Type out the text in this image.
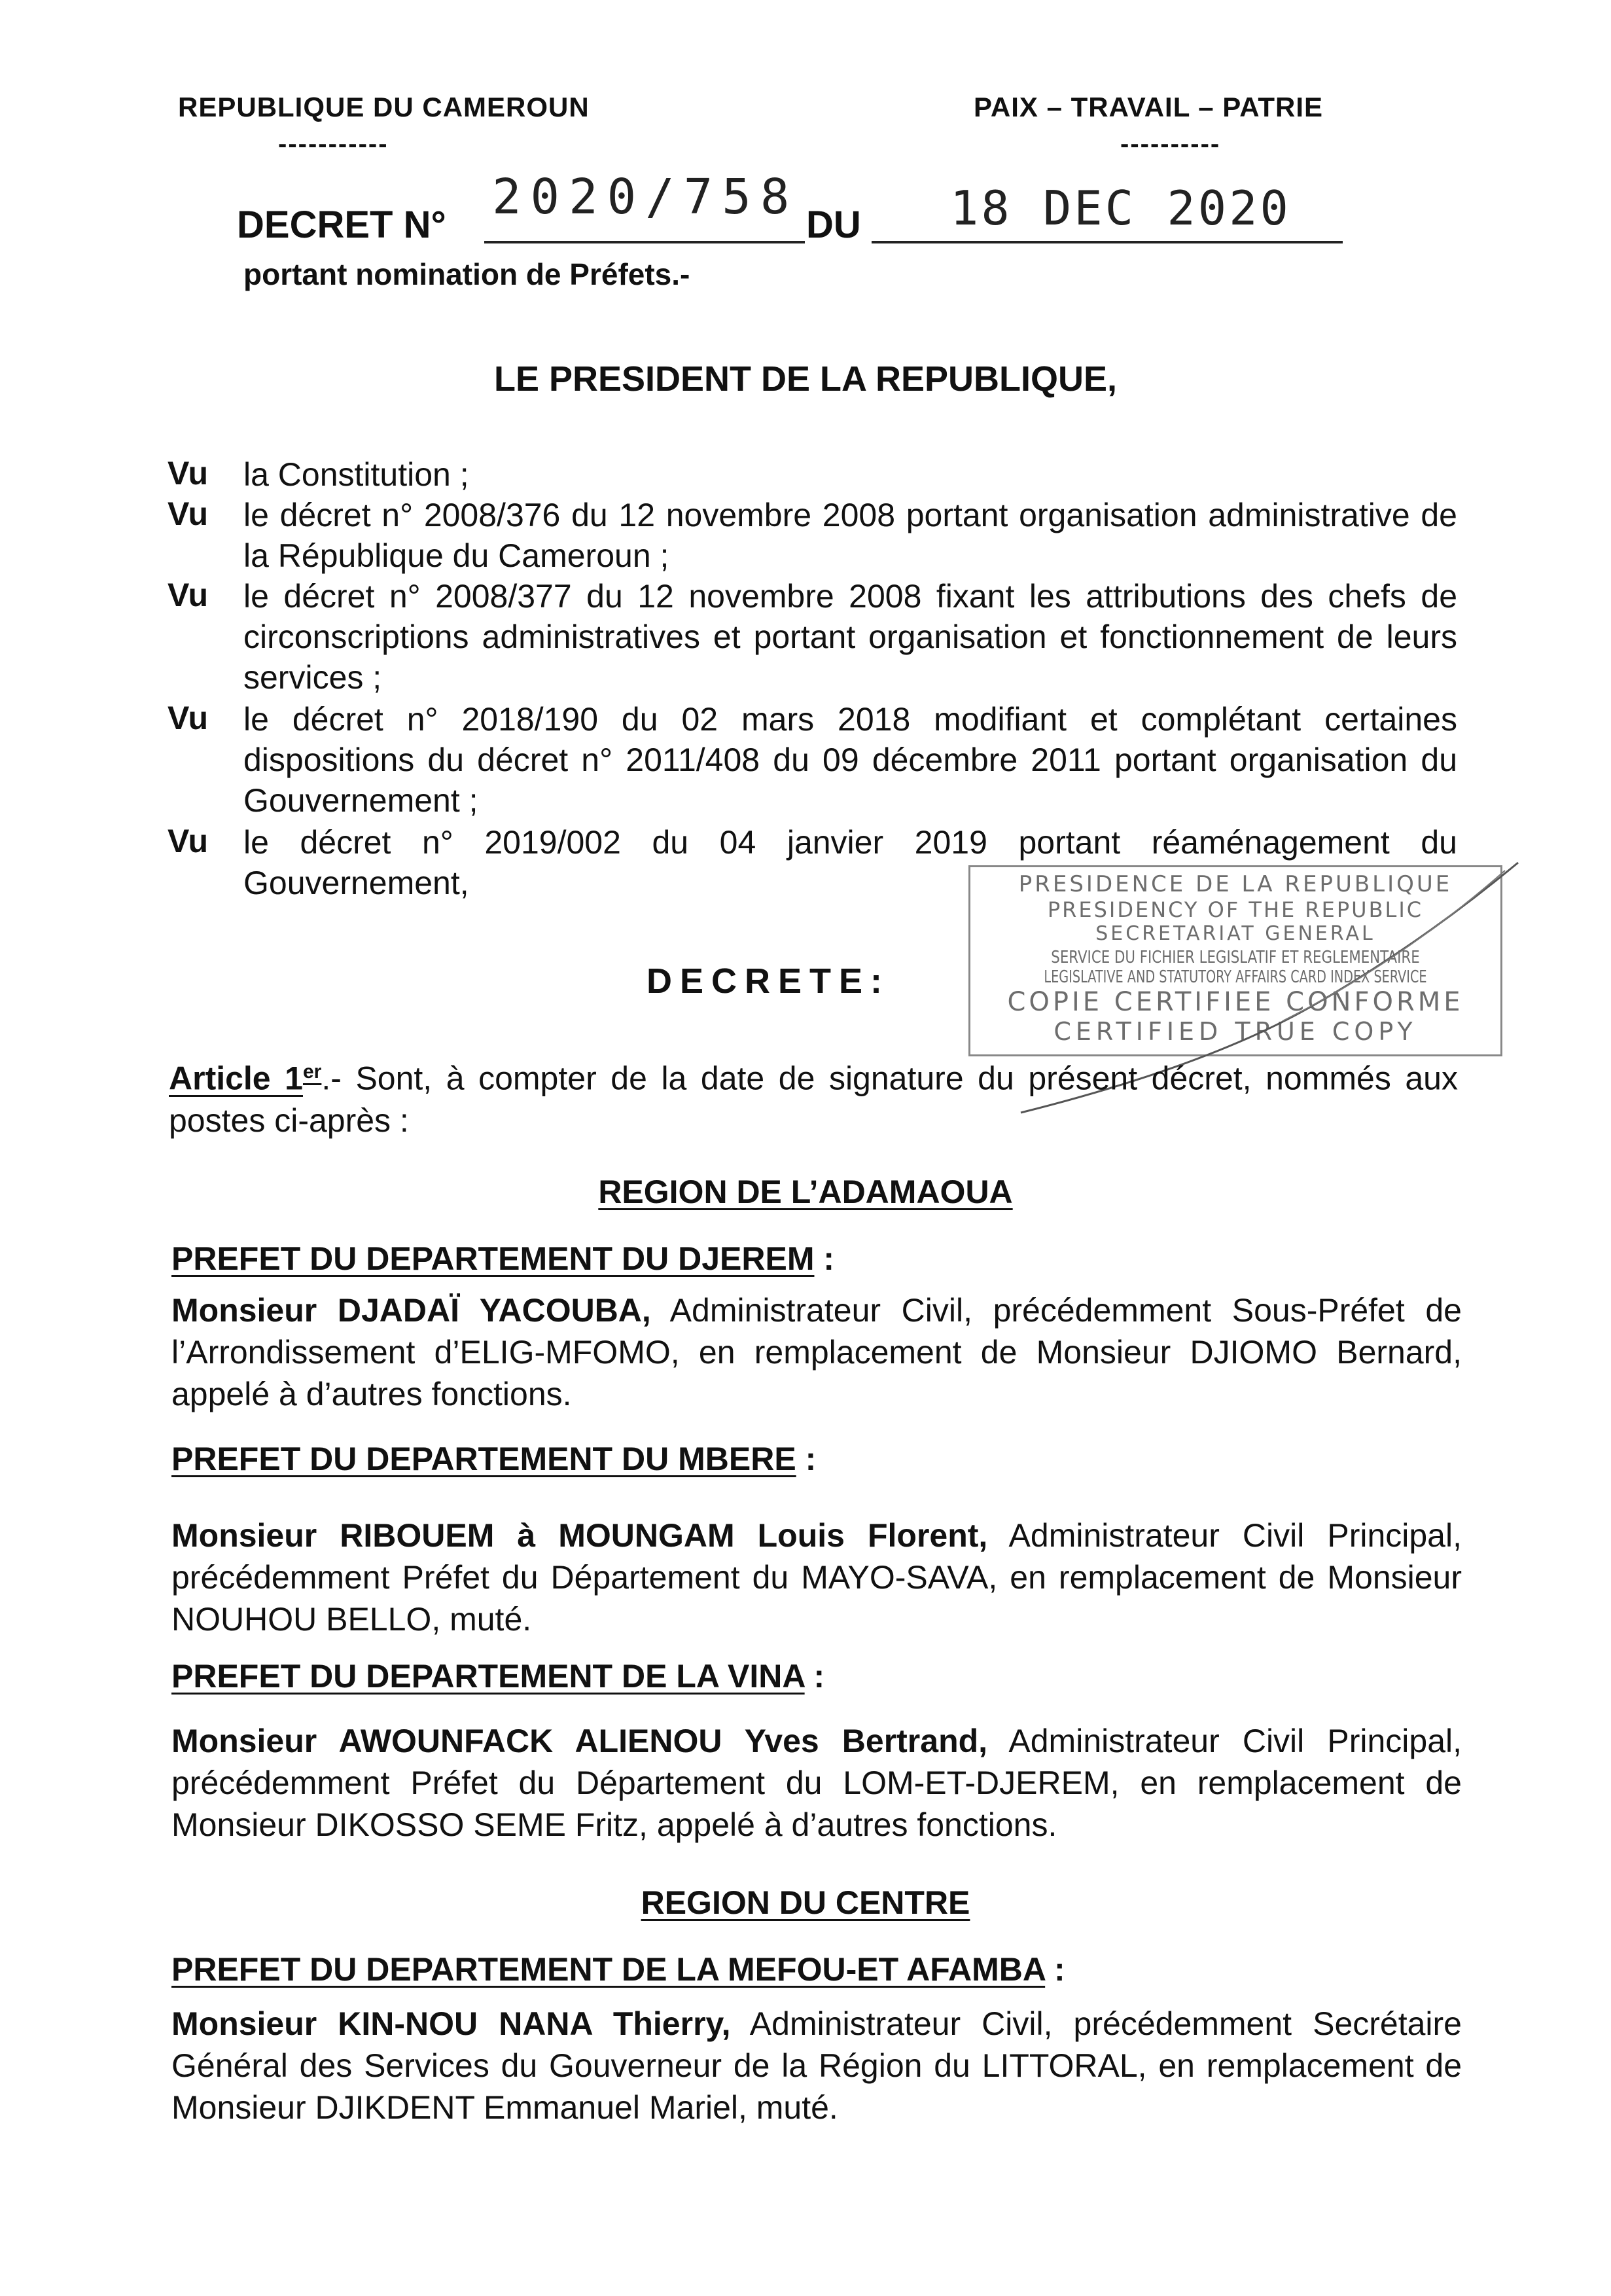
REPUBLIQUE DU CAMEROUN
-----------
PAIX – TRAVAIL – PATRIE
----------
DECRET N° 2020/758 DU 18 DEC 2020
portant nomination de Préfets.-
LE PRESIDENT DE LA REPUBLIQUE,
Vu la Constitution ;
Vu le décret n° 2008/376 du 12 novembre 2008 portant organisation administrative de la République du Cameroun ;
Vu le décret n° 2008/377 du 12 novembre 2008 fixant les attributions des chefs de circonscriptions administratives et portant organisation et fonctionnement de leurs services ;
Vu le décret n° 2018/190 du 02 mars 2018 modifiant et complétant certaines dispositions du décret n° 2011/408 du 09 décembre 2011 portant organisation du Gouvernement ;
Vu le décret n° 2019/002 du 04 janvier 2019 portant réaménagement du Gouvernement,	PRESIDENCE DE LA REPUBLIQUE
PRESIDENCY OF THE REPUBLIC
SECRETARIAT GENERAL
SERVICE DU FICHIER LEGISLATIF ET REGLEMENTAIRE
LEGISLATIVE AND STATUTORY AFFAIRS CARD INDEX SERVICE
COPIE CERTIFIEE CONFORME
CERTIFIED TRUE COPY
DECRETE:
Article 1er.- Sont, à compter de la date de signature du présent décret, nommés aux postes ci-après :
REGION DE L’ADAMAOUA
PREFET DU DEPARTEMENT DU DJEREM :
Monsieur DJADAÏ YACOUBA, Administrateur Civil, précédemment Sous-Préfet de l’Arrondissement d’ELIG-MFOMO, en remplacement de Monsieur DJIOMO Bernard, appelé à d’autres fonctions.
PREFET DU DEPARTEMENT DU MBERE :
Monsieur RIBOUEM à MOUNGAM Louis Florent, Administrateur Civil Principal, précédemment Préfet du Département du MAYO-SAVA, en remplacement de Monsieur NOUHOU BELLO, muté.
PREFET DU DEPARTEMENT DE LA VINA :
Monsieur AWOUNFACK ALIENOU Yves Bertrand, Administrateur Civil Principal, précédemment Préfet du Département du LOM-ET-DJEREM, en remplacement de Monsieur DIKOSSO SEME Fritz, appelé à d’autres fonctions.
REGION DU CENTRE
PREFET DU DEPARTEMENT DE LA MEFOU-ET AFAMBA :
Monsieur KIN-NOU NANA Thierry, Administrateur Civil, précédemment Secrétaire Général des Services du Gouverneur de la Région du LITTORAL, en remplacement de Monsieur DJIKDENT Emmanuel Mariel, muté.
